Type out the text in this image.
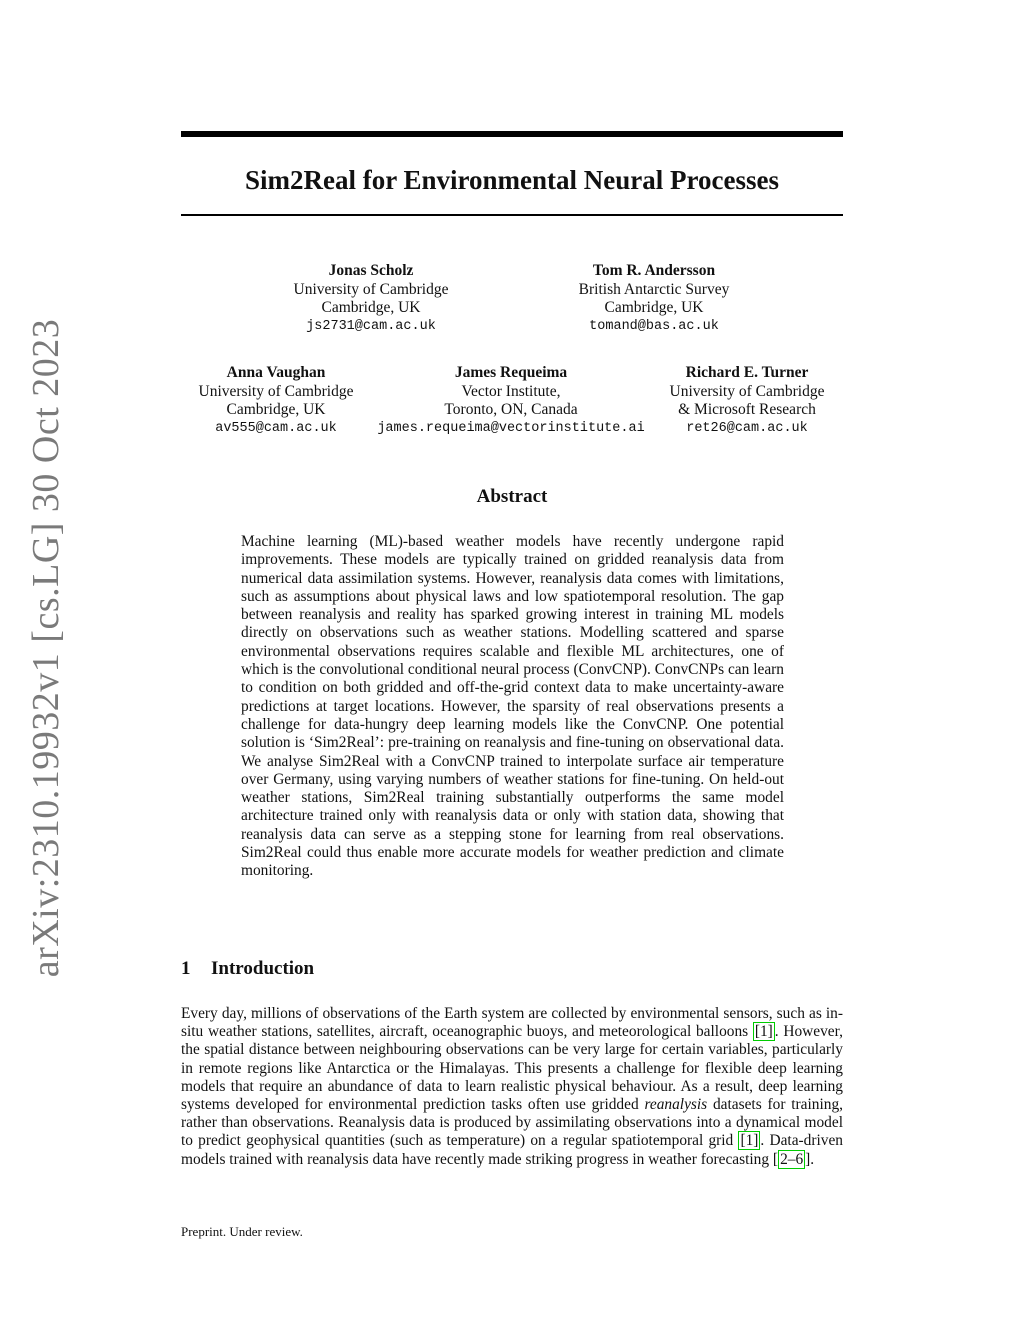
arXiv:2310.19932v1 [cs.LG] 30 Oct 2023
Sim2Real for Environmental Neural Processes
Jonas Scholz
University of Cambridge
Cambridge, UK
js2731@cam.ac.uk
Tom R. Andersson
British Antarctic Survey
Cambridge, UK
tomand@bas.ac.uk
Anna Vaughan
University of Cambridge
Cambridge, UK
av555@cam.ac.uk
James Requeima
Vector Institute,
Toronto, ON, Canada
james.requeima@vectorinstitute.ai
Richard E. Turner
University of Cambridge
& Microsoft Research
ret26@cam.ac.uk
Abstract
Machine learning (ML)-based weather models have recently undergone rapid improvements. These models are typically trained on gridded reanalysis data from numerical data assimilation systems. However, reanalysis data comes with limitations, such as assumptions about physical laws and low spatiotemporal resolution. The gap between reanalysis and reality has sparked growing interest in training ML models directly on observations such as weather stations. Modelling scattered and sparse environmental observations requires scalable and flexible ML architectures, one of which is the convolutional conditional neural process (ConvCNP). ConvCNPs can learn to condition on both gridded and off-the-grid context data to make uncertainty-aware predictions at target locations. However, the sparsity of real observations presents a challenge for data-hungry deep learning models like the ConvCNP. One potential solution is ‘Sim2Real’: pre-training on reanalysis and fine-tuning on observational data. We analyse Sim2Real with a ConvCNP trained to interpolate surface air temperature over Germany, using varying numbers of weather stations for fine-tuning. On held-out weather stations, Sim2Real training substantially outperforms the same model architecture trained only with reanalysis data or only with station data, showing that reanalysis data can serve as a stepping stone for learning from real observations. Sim2Real could thus enable more accurate models for weather prediction and climate monitoring.
1 Introduction
Every day, millions of observations of the Earth system are collected by environmental sensors, such as in-situ weather stations, satellites, aircraft, oceanographic buoys, and meteorological balloons [1] . However, the spatial distance between neighbouring observations can be very large for certain variables, particularly in remote regions like Antarctica or the Himalayas. This presents a challenge for flexible deep learning models that require an abundance of data to learn realistic physical behaviour. As a result, deep learning systems developed for environmental prediction tasks often use gridded reanalysis datasets for training, rather than observations. Reanalysis data is produced by assimilating observations into a dynamical model to predict geophysical quantities (such as temperature) on a regular spatiotemporal grid [1] . Data-driven models trained with reanalysis data have recently made striking progress in weather forecasting [ 2–6 ].
Preprint. Under review.
